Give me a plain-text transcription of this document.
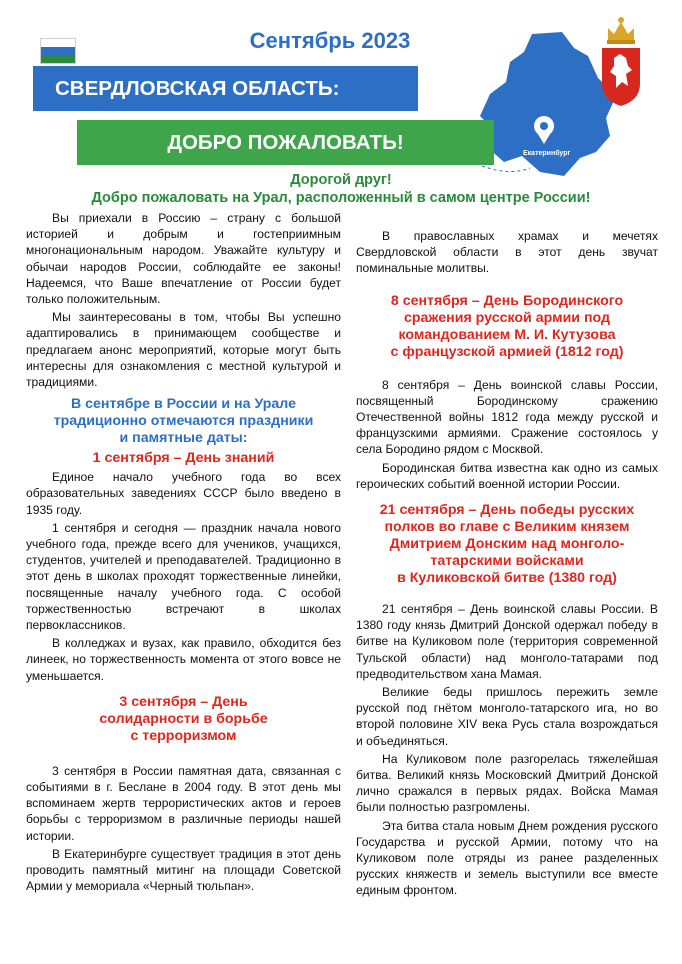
Сентябрь 2023
СВЕРДЛОВСКАЯ ОБЛАСТЬ:
Екатеринбург
ДОБРО ПОЖАЛОВАТЬ!
Дорогой друг!
Добро пожаловать на Урал, расположенный в самом центре России!

Вы приехали в Россию – страну с большой историей и добрым и гостеприимным многонациональным народом. Уважайте культуру и обычаи народов России, соблюдайте ее законы! Надеемся, что Ваше впечатление от России будет только положительным.

Мы заинтересованы в том, чтобы Вы успешно адаптировались в принимающем сообществе и предлагаем анонс мероприятий, которые могут быть интересны для ознакомления с местной культурой и традициями.

В сентябре в России и на Урале традиционно отмечаются праздники и памятные даты:
1 сентября – День знаний

Единое начало учебного года во всех образовательных заведениях СССР было введено в 1935 году.

1 сентября и сегодня — праздник начала нового учебного года, прежде всего для учеников, учащихся, студентов, учителей и преподавателей. Традиционно в этот день в школах проходят торжественные линейки, посвященные началу учебного года. С особой торжественностью встречают в школах первоклассников.

В колледжах и вузах, как правило, обходится без линеек, но торжественность момента от этого вовсе не уменьшается.

3 сентября – День
солидарности в борьбе
с терроризмом

3 сентября в России памятная дата, связанная с событиями в г. Беслане в 2004 году. В этот день мы вспоминаем жертв террористических актов и героев борьбы с терроризмом в различные периоды нашей истории.

В Екатеринбурге существует традиция в этот день проводить памятный митинг на площади Советской Армии у мемориала «Черный тюльпан».

В православных храмах и мечетях Свердловской области в этот день звучат поминальные молитвы.

8 сентября – День Бородинского
сражения русской армии под
командованием М. И. Кутузова
с французской армией (1812 год)

8 сентября – День воинской славы России, посвященный Бородинскому сражению Отечественной войны 1812 года между русской и французскими армиями. Сражение состоялось у села Бородино рядом с Москвой.

Бородинская битва известна как одно из самых героических событий военной истории России.

21 сентября – День победы русских
полков во главе с Великим князем
Дмитрием Донским над монголо-
татарскими войсками
в Куликовской битве (1380 год)

21 сентября – День воинской славы России. В 1380 году князь Дмитрий Донской одержал победу в битве на Куликовом поле (территория современной Тульской области) над монголо-татарами под предводительством хана Мамая.

Великие беды пришлось пережить земле русской под гнётом монголо-татарского ига, но во второй половине XIV века Русь стала возрождаться и объединяться.

На Куликовом поле разгорелась тяжелейшая битва. Великий князь Московский Дмитрий Донской лично сражался в первых рядах. Войска Мамая были полностью разгромлены.

Эта битва стала новым Днем рождения русского Государства и русской Армии, потому что на Куликовом поле отряды из ранее разделенных русских княжеств и земель выступили все вместе единым фронтом.
